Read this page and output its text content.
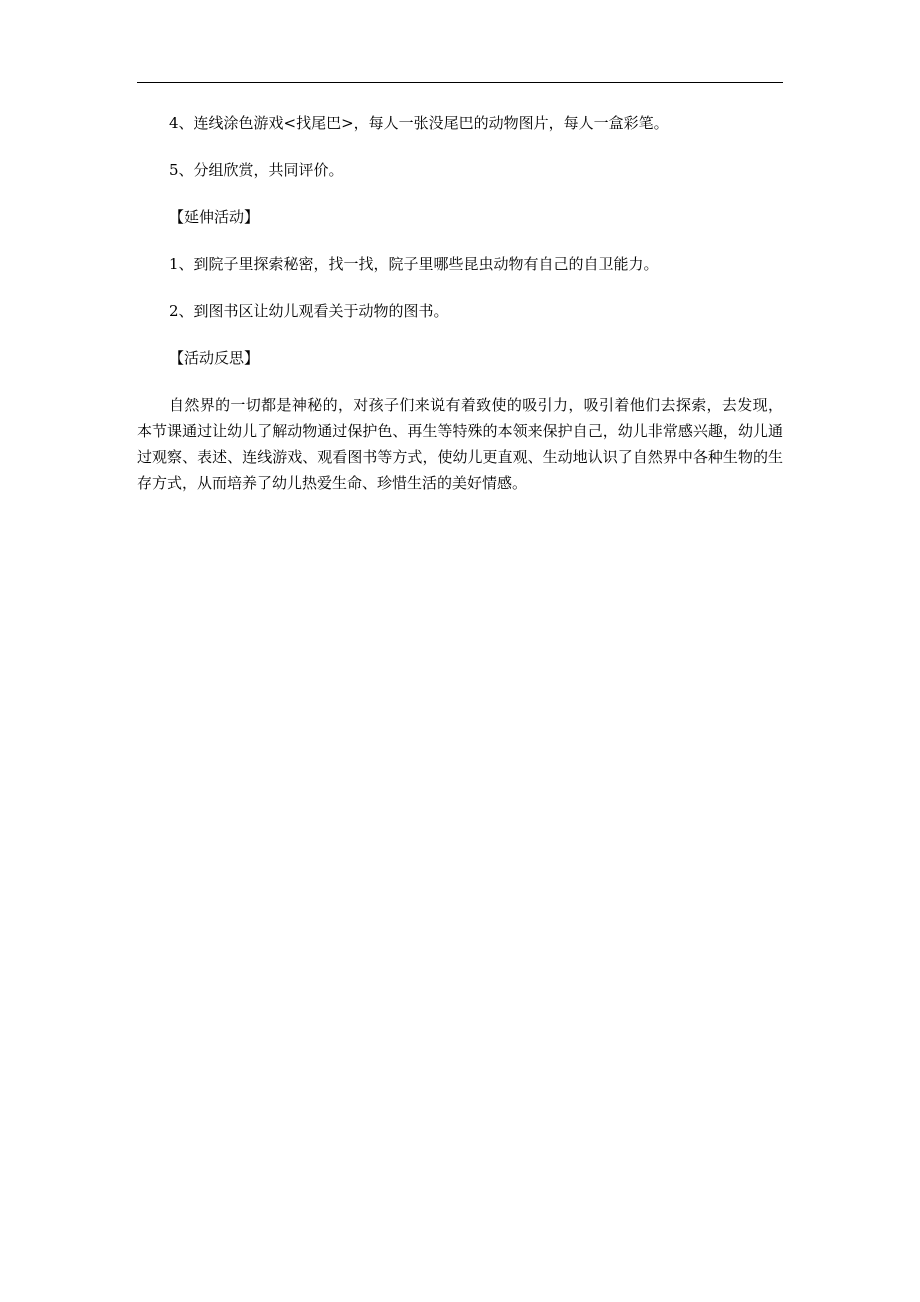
4、连线涂色游戏<找尾巴>，每人一张没尾巴的动物图片，每人一盒彩笔。

5、分组欣赏，共同评价。

【延伸活动】

1、到院子里探索秘密，找一找，院子里哪些昆虫动物有自己的自卫能力。

2、到图书区让幼儿观看关于动物的图书。

【活动反思】

自然界的一切都是神秘的，对孩子们来说有着致使的吸引力，吸引着他们去探索，去发现，本节课通过让幼儿了解动物通过保护色、再生等特殊的本领来保护自己，幼儿非常感兴趣，幼儿通过观察、表述、连线游戏、观看图书等方式，使幼儿更直观、生动地认识了自然界中各种生物的生存方式，从而培养了幼儿热爱生命、珍惜生活的美好情感。
